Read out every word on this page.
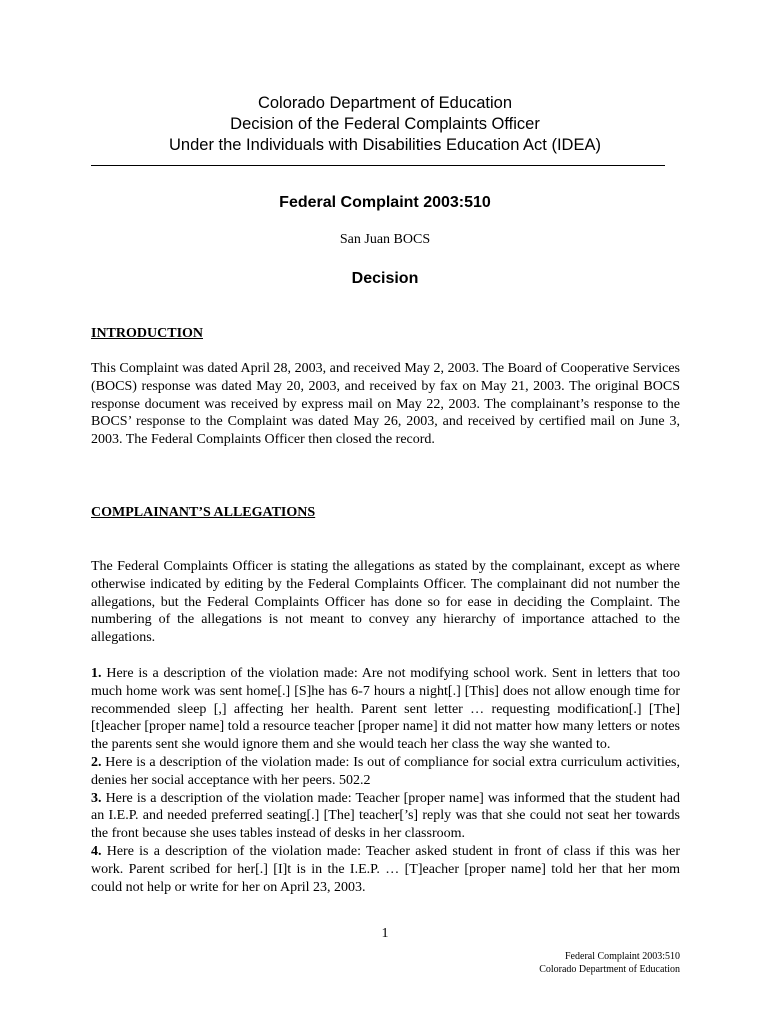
Colorado Department of Education
Decision of the Federal Complaints Officer
Under the Individuals with Disabilities Education Act (IDEA)
Federal Complaint 2003:510
San Juan BOCS
Decision
INTRODUCTION
This Complaint was dated April 28, 2003, and received May 2, 2003. The Board of Cooperative Services (BOCS) response was dated May 20, 2003, and received by fax on May 21, 2003. The original BOCS response document was received by express mail on May 22, 2003. The complainant’s response to the BOCS’ response to the Complaint was dated May 26, 2003, and received by certified mail on June 3, 2003. The Federal Complaints Officer then closed the record.
COMPLAINANT’S ALLEGATIONS
The Federal Complaints Officer is stating the allegations as stated by the complainant, except as where otherwise indicated by editing by the Federal Complaints Officer. The complainant did not number the allegations, but the Federal Complaints Officer has done so for ease in deciding the Complaint. The numbering of the allegations is not meant to convey any hierarchy of importance attached to the allegations.
1. Here is a description of the violation made: Are not modifying school work. Sent in letters that too much home work was sent home[.] [S]he has 6-7 hours a night[.] [This] does not allow enough time for recommended sleep [,] affecting her health. Parent sent letter … requesting modification[.] [The] [t]eacher [proper name] told a resource teacher [proper name] it did not matter how many letters or notes the parents sent she would ignore them and she would teach her class the way she wanted to.
2. Here is a description of the violation made: Is out of compliance for social extra curriculum activities, denies her social acceptance with her peers. 502.2
3. Here is a description of the violation made: Teacher [proper name] was informed that the student had an I.E.P. and needed preferred seating[.] [The] teacher[’s] reply was that she could not seat her towards the front because she uses tables instead of desks in her classroom.
4. Here is a description of the violation made: Teacher asked student in front of class if this was her work. Parent scribed for her[.] [I]t is in the I.E.P. … [T]eacher [proper name] told her that her mom could not help or write for her on April 23, 2003.
1
Federal Complaint 2003:510
Colorado Department of Education
